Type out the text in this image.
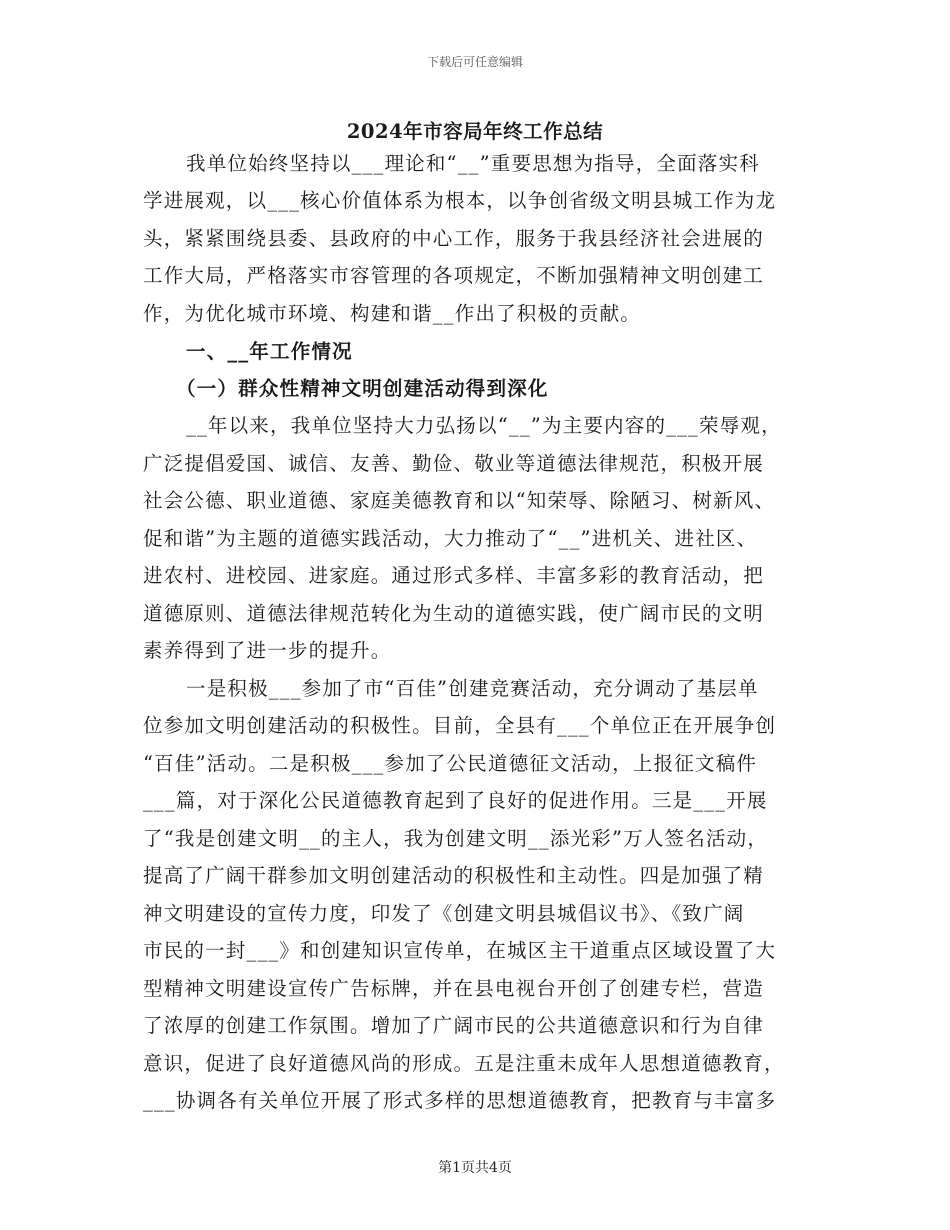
下载后可任意编辑
2024年市容局年终工作总结
我单位始终坚持以___理论和“__”重要思想为指导，全面落实科
学进展观，以___核心价值体系为根本，以争创省级文明县城工作为龙
头，紧紧围绕县委、县政府的中心工作，服务于我县经济社会进展的
工作大局，严格落实市容管理的各项规定，不断加强精神文明创建工
作，为优化城市环境、构建和谐__作出了积极的贡献。
一、__年工作情况
（一）群众性精神文明创建活动得到深化
__年以来，我单位坚持大力弘扬以“__”为主要内容的___荣辱观，
广泛提倡爱国、诚信、友善、勤俭、敬业等道德法律规范，积极开展
社会公德、职业道德、家庭美德教育和以“知荣辱、除陋习、树新风、
促和谐”为主题的道德实践活动，大力推动了“__”进机关、进社区、
进农村、进校园、进家庭。通过形式多样、丰富多彩的教育活动，把
道德原则、道德法律规范转化为生动的道德实践，使广阔市民的文明
素养得到了进一步的提升。
一是积极___参加了市“百佳”创建竞赛活动，充分调动了基层单
位参加文明创建活动的积极性。目前，全县有___个单位正在开展争创
“百佳”活动。二是积极___参加了公民道德征文活动，上报征文稿件
___篇，对于深化公民道德教育起到了良好的促进作用。三是___开展
了“我是创建文明__的主人，我为创建文明__添光彩”万人签名活动，
提高了广阔干群参加文明创建活动的积极性和主动性。四是加强了精
神文明建设的宣传力度，印发了《创建文明县城倡议书》、《致广阔
市民的一封___》和创建知识宣传单，在城区主干道重点区域设置了大
型精神文明建设宣传广告标牌，并在县电视台开创了创建专栏，营造
了浓厚的创建工作氛围。增加了广阔市民的公共道德意识和行为自律
意识，促进了良好道德风尚的形成。五是注重未成年人思想道德教育，
___协调各有关单位开展了形式多样的思想道德教育，把教育与丰富多
第1页共4页
